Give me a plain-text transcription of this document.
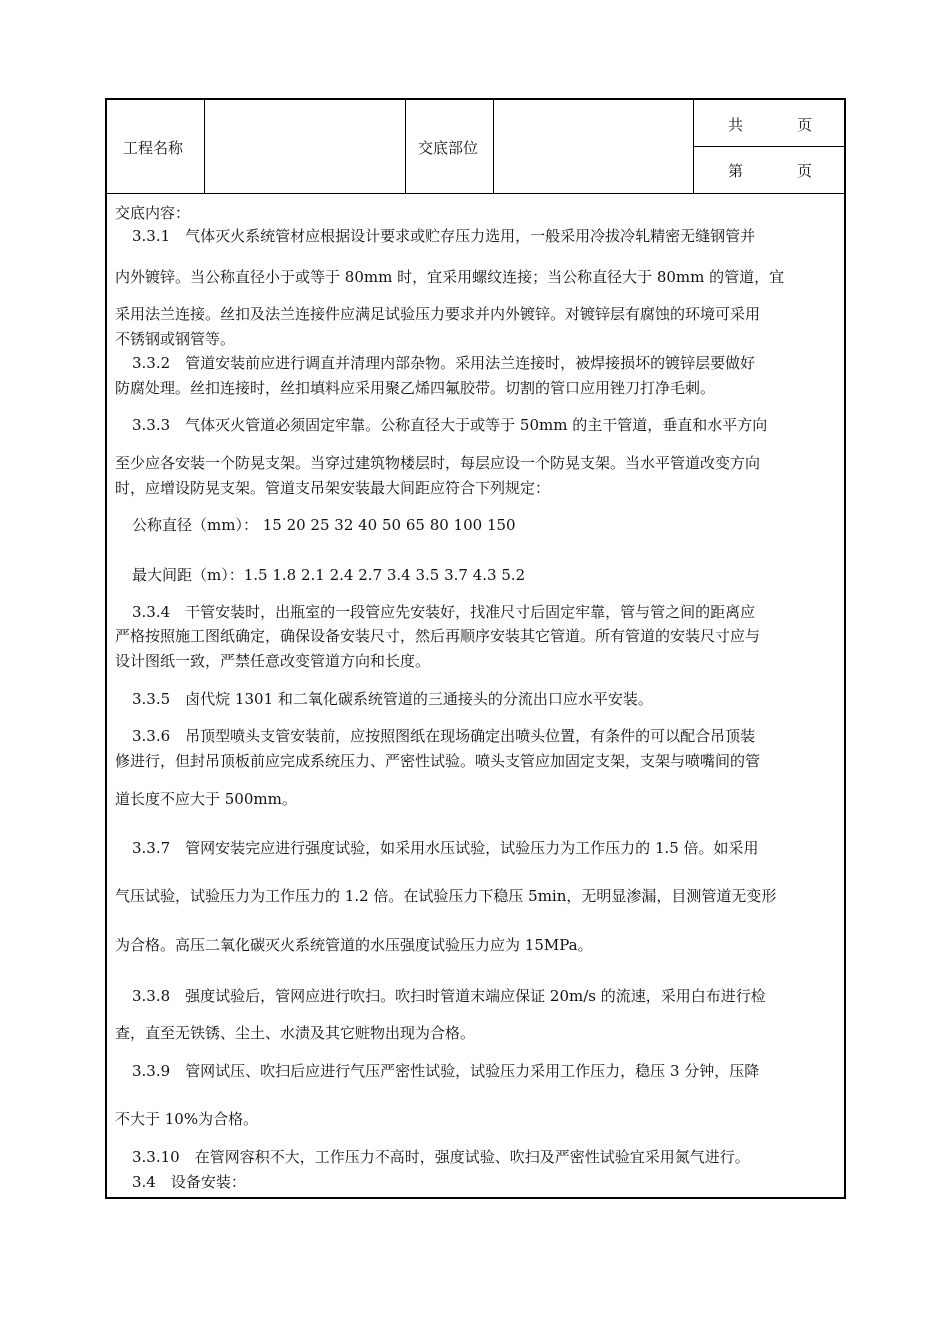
工程名称	交底部位
共	页
第	页
交底内容：
3.3.1　气体灭火系统管材应根据设计要求或贮存压力选用，一般采用冷拔冷轧精密无缝钢管并
内外镀锌。当公称直径小于或等于 80mm 时，宜采用螺纹连接；当公称直径大于 80mm 的管道，宜
采用法兰连接。丝扣及法兰连接件应满足试验压力要求并内外镀锌。对镀锌层有腐蚀的环境可采用
不锈钢或钢管等。
3.3.2　管道安装前应进行调直并清理内部杂物。采用法兰连接时，被焊接损坏的镀锌层要做好
防腐处理。丝扣连接时，丝扣填料应采用聚乙烯四氟胶带。切割的管口应用锉刀打净毛刺。
3.3.3　气体灭火管道必须固定牢靠。公称直径大于或等于 50mm 的主干管道，垂直和水平方向
至少应各安装一个防晃支架。当穿过建筑物楼层时，每层应设一个防晃支架。当水平管道改变方向
时，应增设防晃支架。管道支吊架安装最大间距应符合下列规定：
公称直径（mm）： 15 20 25 32 40 50 65 80 100 150
最大间距（m）：1.5 1.8 2.1 2.4 2.7 3.4 3.5 3.7 4.3 5.2
3.3.4　干管安装时，出瓶室的一段管应先安装好，找准尺寸后固定牢靠，管与管之间的距离应
严格按照施工图纸确定，确保设备安装尺寸，然后再顺序安装其它管道。所有管道的安装尺寸应与
设计图纸一致，严禁任意改变管道方向和长度。
3.3.5　卤代烷 1301 和二氧化碳系统管道的三通接头的分流出口应水平安装。
3.3.6　吊顶型喷头支管安装前，应按照图纸在现场确定出喷头位置，有条件的可以配合吊顶装
修进行，但封吊顶板前应完成系统压力、严密性试验。喷头支管应加固定支架，支架与喷嘴间的管
道长度不应大于 500mm。
3.3.7　管网安装完应进行强度试验，如采用水压试验，试验压力为工作压力的 1.5 倍。如采用
气压试验，试验压力为工作压力的 1.2 倍。在试验压力下稳压 5min，无明显渗漏，目测管道无变形
为合格。高压二氧化碳灭火系统管道的水压强度试验压力应为 15MPa。
3.3.8　强度试验后，管网应进行吹扫。吹扫时管道末端应保证 20m/s 的流速，采用白布进行检
查，直至无铁锈、尘土、水渍及其它赃物出现为合格。
3.3.9　管网试压、吹扫后应进行气压严密性试验，试验压力采用工作压力，稳压 3 分钟，压降
不大于 10%为合格。
3.3.10　在管网容积不大，工作压力不高时，强度试验、吹扫及严密性试验宜采用氮气进行。
3.4　设备安装：
